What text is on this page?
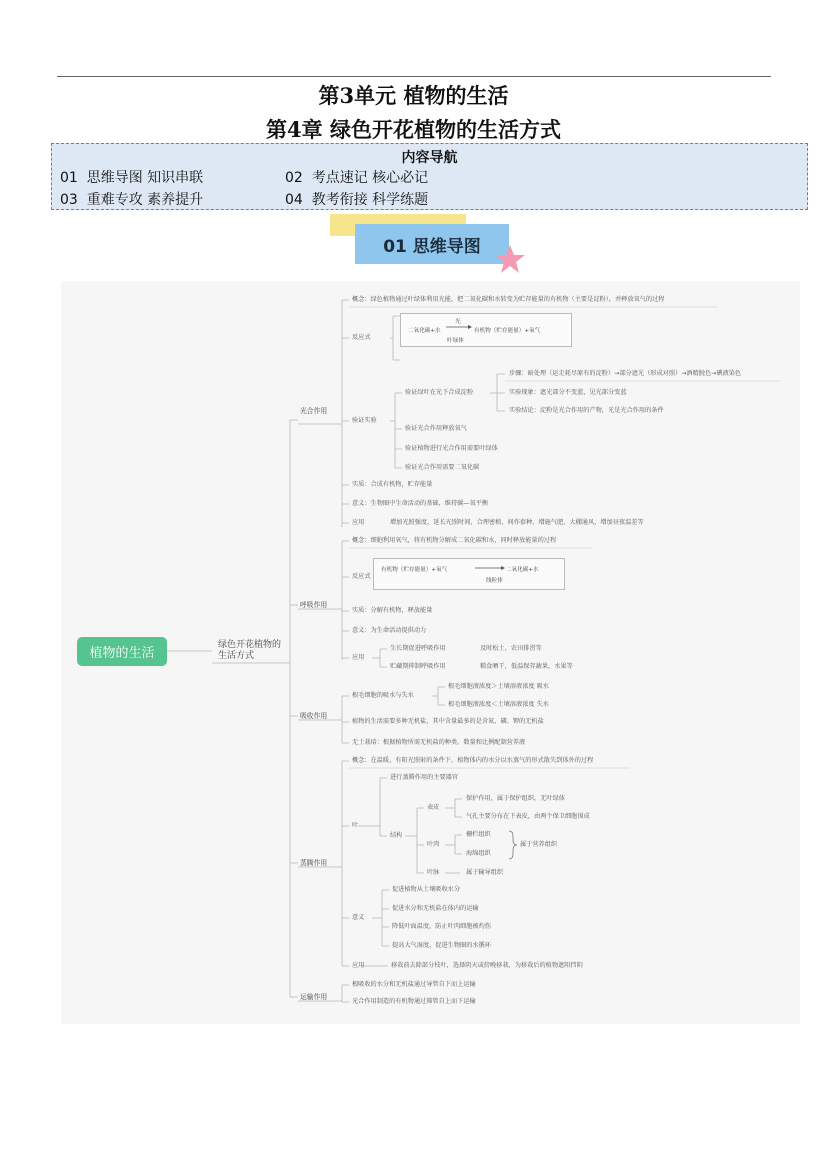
第3单元 植物的生活
第4章 绿色开花植物的生活方式
内容导航
01 思维导图 知识串联	02 考点速记 核心必记
03 重难专攻 素养提升	04 教考衔接 科学练题
01 思维导图
植物的生活
绿色开花植物的生活方式
光合作用
概念：绿色植物通过叶绿体利用光能，把二氧化碳和水转变为贮存能量的有机物（主要是淀粉），并释放氧气的过程
反应式
二氧化碳+水
光
叶绿体
有机物（贮存能量）+氧气
验证实验
验证绿叶在光下合成淀粉
步骤：暗处理（运走耗尽原有的淀粉）→部分遮光（形成对照）→酒精脱色→碘液染色
实验现象：遮光部分不变蓝，见光部分变蓝
实验结论：淀粉是光合作用的产物，光是光合作用的条件
验证光合作用释放氧气
验证植物进行光合作用需要叶绿体
验证光合作用需要二氧化碳
实质：合成有机物，贮存能量
意义：生物圈中生命活动的基础，维持碳—氧平衡
应用	增加光照强度，延长光照时间，合理密植，间作套种，增施气肥，大棚通风，增加昼夜温差等
呼吸作用
概念：细胞利用氧气，将有机物分解成二氧化碳和水，同时释放能量的过程
反应式
有机物（贮存能量）+氧气	二氧化碳+水
线粒体
实质：分解有机物，释放能量
意义：为生命活动提供动力
应用
生长期促进呼吸作用	及时松土，农田排涝等
贮藏期抑制呼吸作用	粮食晒干，低温保存蔬果，水果等
吸收作用
根毛细胞的吸水与失水
根毛细胞液浓度＞土壤溶液浓度 吸水
根毛细胞液浓度＜土壤溶液浓度 失水
植物的生活需要多种无机盐，其中含量最多的是含氮、磷、钾的无机盐
无土栽培：根据植物所需无机盐的种类、数量和比例配制营养液
蒸腾作用
概念：在温暖、有阳光照射的条件下，植物体内的水分以水蒸气的形式散失到体外的过程
叶
进行蒸腾作用的主要器官
结构
表皮
保护作用，属于保护组织，无叶绿体
气孔主要分布在下表皮，由两个保卫细胞围成
叶肉
栅栏组织
海绵组织
属于营养组织
叶脉	属于输导组织
意义
促进植物从土壤吸收水分
促进水分和无机盐在体内的运输
降低叶面温度，防止叶肉细胞被灼伤
提高大气湿度，促进生物圈的水循环
应用	移栽前去除部分枝叶，选择阴天或傍晚移栽，为移栽后的植物遮阳挡阴
运输作用
根吸收的水分和无机盐通过导管自下而上运输
光合作用制造的有机物通过筛管自上而下运输
